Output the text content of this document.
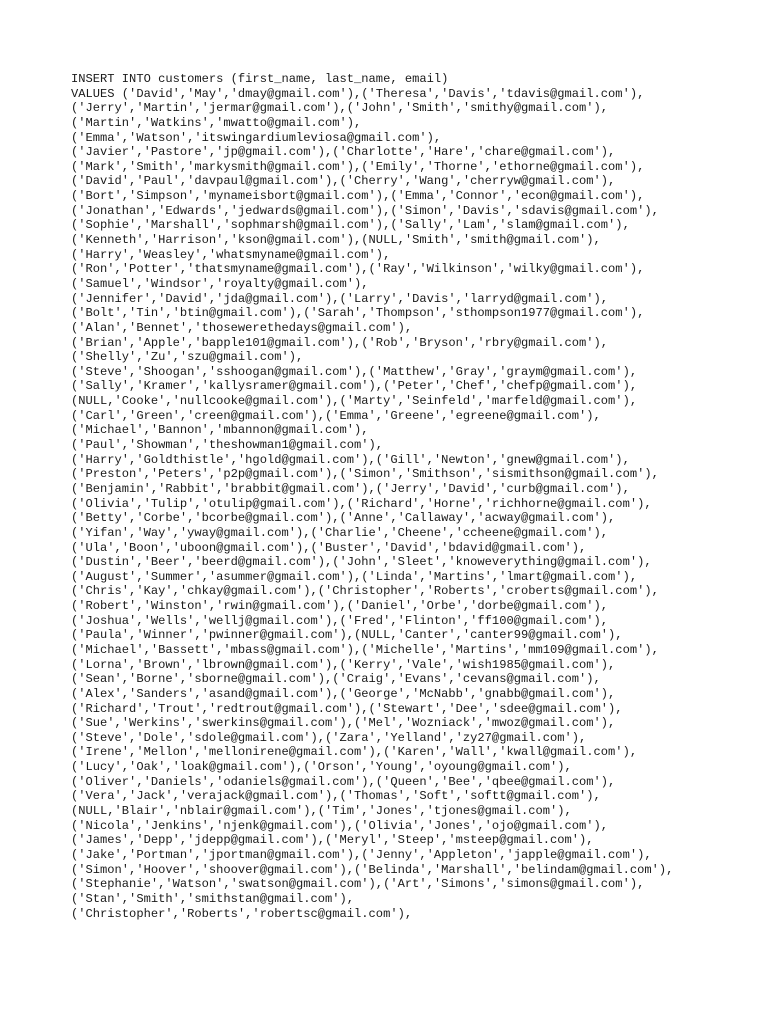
INSERT INTO customers (first_name, last_name, email)
VALUES ('David','May','dmay@gmail.com'),('Theresa','Davis','tdavis@gmail.com'),
('Jerry','Martin','jermar@gmail.com'),('John','Smith','smithy@gmail.com'),
('Martin','Watkins','mwatto@gmail.com'),
('Emma','Watson','itswingardiumleviosa@gmail.com'),
('Javier','Pastore','jp@gmail.com'),('Charlotte','Hare','chare@gmail.com'),
('Mark','Smith','markysmith@gmail.com'),('Emily','Thorne','ethorne@gmail.com'),
('David','Paul','davpaul@gmail.com'),('Cherry','Wang','cherryw@gmail.com'),
('Bort','Simpson','mynameisbort@gmail.com'),('Emma','Connor','econ@gmail.com'),
('Jonathan','Edwards','jedwards@gmail.com'),('Simon','Davis','sdavis@gmail.com'),
('Sophie','Marshall','sophmarsh@gmail.com'),('Sally','Lam','slam@gmail.com'),
('Kenneth','Harrison','kson@gmail.com'),(NULL,'Smith','smith@gmail.com'),
('Harry','Weasley','whatsmyname@gmail.com'),
('Ron','Potter','thatsmyname@gmail.com'),('Ray','Wilkinson','wilky@gmail.com'),
('Samuel','Windsor','royalty@gmail.com'),
('Jennifer','David','jda@gmail.com'),('Larry','Davis','larryd@gmail.com'),
('Bolt','Tin','btin@gmail.com'),('Sarah','Thompson','sthompson1977@gmail.com'),
('Alan','Bennet','thosewerethedays@gmail.com'),
('Brian','Apple','bapple101@gmail.com'),('Rob','Bryson','rbry@gmail.com'),
('Shelly','Zu','szu@gmail.com'),
('Steve','Shoogan','sshoogan@gmail.com'),('Matthew','Gray','graym@gmail.com'),
('Sally','Kramer','kallysramer@gmail.com'),('Peter','Chef','chefp@gmail.com'),
(NULL,'Cooke','nullcooke@gmail.com'),('Marty','Seinfeld','marfeld@gmail.com'),
('Carl','Green','creen@gmail.com'),('Emma','Greene','egreene@gmail.com'),
('Michael','Bannon','mbannon@gmail.com'),
('Paul','Showman','theshowman1@gmail.com'),
('Harry','Goldthistle','hgold@gmail.com'),('Gill','Newton','gnew@gmail.com'),
('Preston','Peters','p2p@gmail.com'),('Simon','Smithson','sismithson@gmail.com'),
('Benjamin','Rabbit','brabbit@gmail.com'),('Jerry','David','curb@gmail.com'),
('Olivia','Tulip','otulip@gmail.com'),('Richard','Horne','richhorne@gmail.com'),
('Betty','Corbe','bcorbe@gmail.com'),('Anne','Callaway','acway@gmail.com'),
('Yifan','Way','yway@gmail.com'),('Charlie','Cheene','ccheene@gmail.com'),
('Ula','Boon','uboon@gmail.com'),('Buster','David','bdavid@gmail.com'),
('Dustin','Beer','beerd@gmail.com'),('John','Sleet','knoweverything@gmail.com'),
('August','Summer','asummer@gmail.com'),('Linda','Martins','lmart@gmail.com'),
('Chris','Kay','chkay@gmail.com'),('Christopher','Roberts','croberts@gmail.com'),
('Robert','Winston','rwin@gmail.com'),('Daniel','Orbe','dorbe@gmail.com'),
('Joshua','Wells','wellj@gmail.com'),('Fred','Flinton','ff100@gmail.com'),
('Paula','Winner','pwinner@gmail.com'),(NULL,'Canter','canter99@gmail.com'),
('Michael','Bassett','mbass@gmail.com'),('Michelle','Martins','mm109@gmail.com'),
('Lorna','Brown','lbrown@gmail.com'),('Kerry','Vale','wish1985@gmail.com'),
('Sean','Borne','sborne@gmail.com'),('Craig','Evans','cevans@gmail.com'),
('Alex','Sanders','asand@gmail.com'),('George','McNabb','gnabb@gmail.com'),
('Richard','Trout','redtrout@gmail.com'),('Stewart','Dee','sdee@gmail.com'),
('Sue','Werkins','swerkins@gmail.com'),('Mel','Wozniack','mwoz@gmail.com'),
('Steve','Dole','sdole@gmail.com'),('Zara','Yelland','zy27@gmail.com'),
('Irene','Mellon','mellonirene@gmail.com'),('Karen','Wall','kwall@gmail.com'),
('Lucy','Oak','loak@gmail.com'),('Orson','Young','oyoung@gmail.com'),
('Oliver','Daniels','odaniels@gmail.com'),('Queen','Bee','qbee@gmail.com'),
('Vera','Jack','verajack@gmail.com'),('Thomas','Soft','softt@gmail.com'),
(NULL,'Blair','nblair@gmail.com'),('Tim','Jones','tjones@gmail.com'),
('Nicola','Jenkins','njenk@gmail.com'),('Olivia','Jones','ojo@gmail.com'),
('James','Depp','jdepp@gmail.com'),('Meryl','Steep','msteep@gmail.com'),
('Jake','Portman','jportman@gmail.com'),('Jenny','Appleton','japple@gmail.com'),
('Simon','Hoover','shoover@gmail.com'),('Belinda','Marshall','belindam@gmail.com'),
('Stephanie','Watson','swatson@gmail.com'),('Art','Simons','simons@gmail.com'),
('Stan','Smith','smithstan@gmail.com'),
('Christopher','Roberts','robertsc@gmail.com'),
